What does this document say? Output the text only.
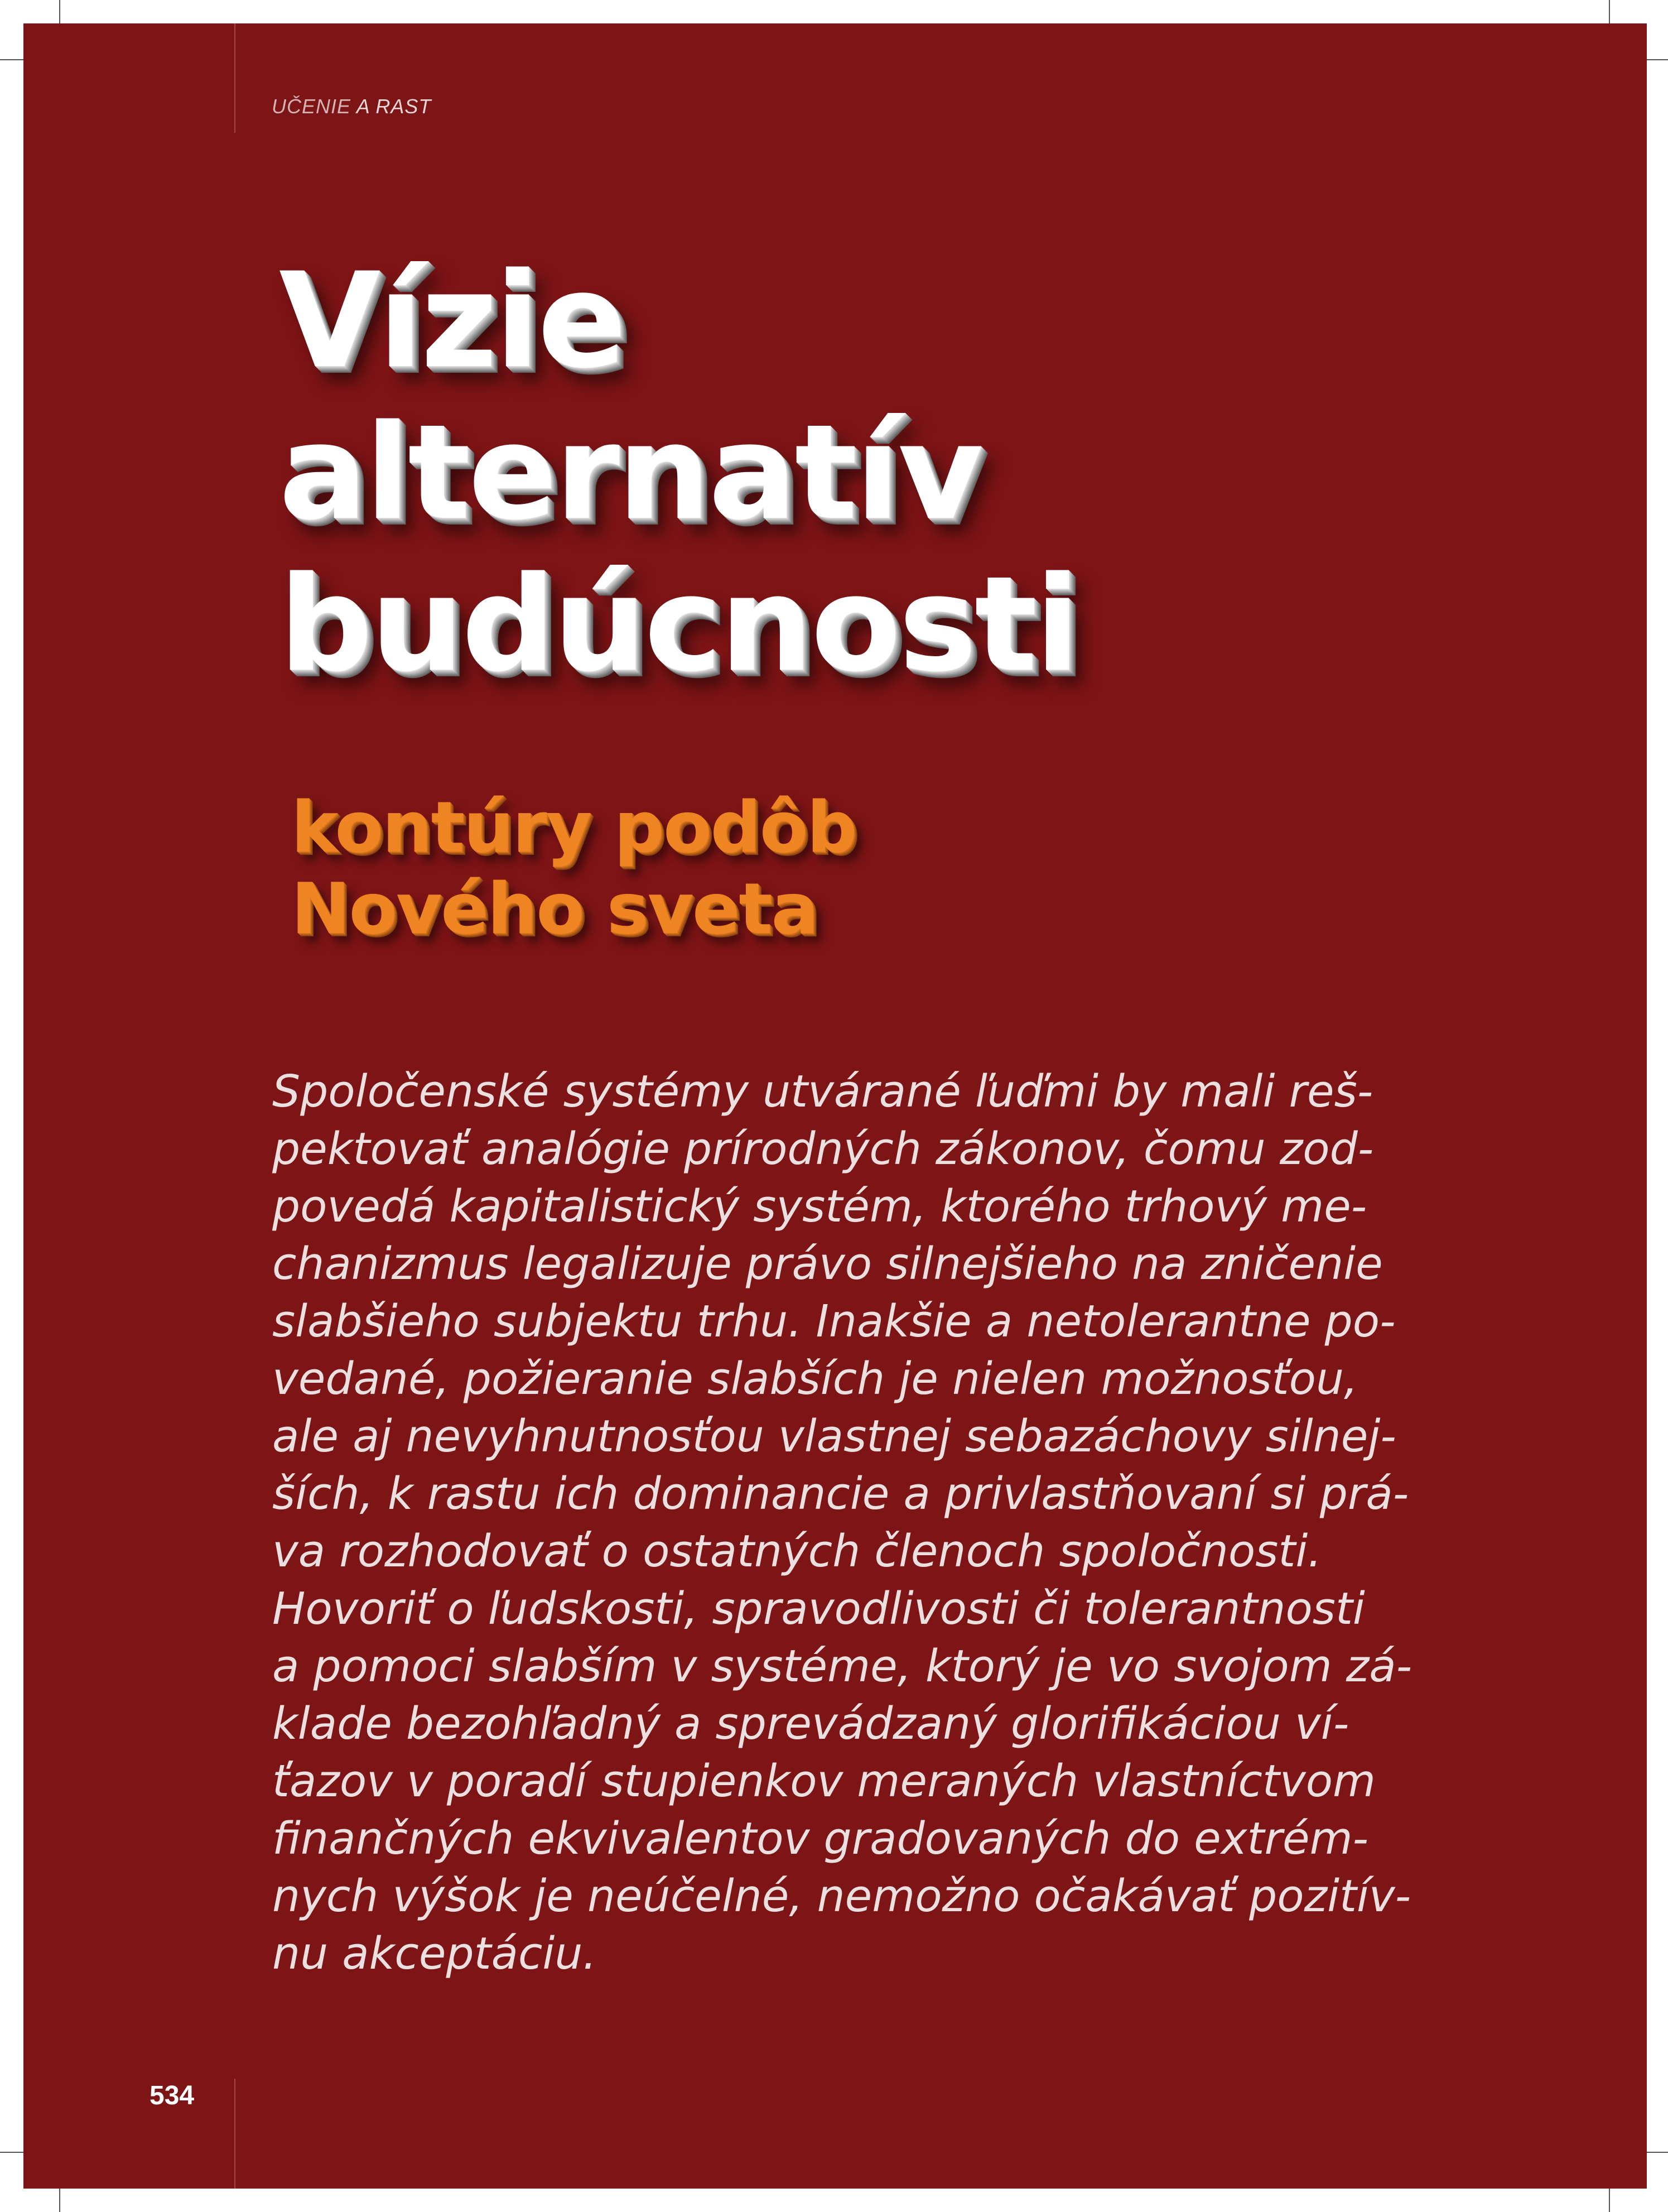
UČENIE A RAST
Vízie
alternatív
budúcnosti
kontúry podôb
Nového sveta

Spoločenské systémy utvárané ľuďmi by mali reš-
pektovať analógie prírodných zákonov, čomu zod-
povedá kapitalistický systém, ktorého trhový me-
chanizmus legalizuje právo silnejšieho na zničenie
slabšieho subjektu trhu. Inakšie a netolerantne po-
vedané, požieranie slabších je nielen možnosťou,
ale aj nevyhnutnosťou vlastnej sebazáchovy silnej-
ších, k rastu ich dominancie a privlastňovaní si prá-
va rozhodovať o ostatných členoch spoločnosti.
Hovoriť o ľudskosti, spravodlivosti či tolerantnosti
a pomoci slabším v systéme, ktorý je vo svojom zá-
klade bezohľadný a sprevádzaný glorifikáciou ví-
ťazov v poradí stupienkov meraných vlastníctvom
finančných ekvivalentov gradovaných do extrém-
nych výšok je neúčelné, nemožno očakávať pozitív-
nu akceptáciu.

534
